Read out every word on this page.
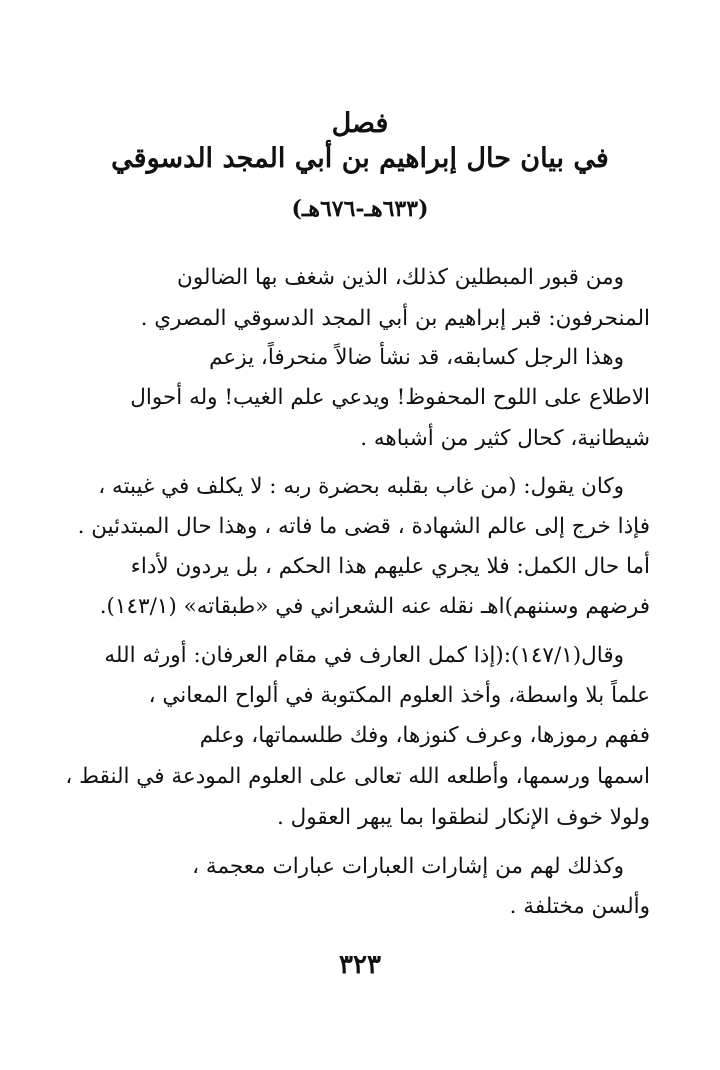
فصل
في بيان حال إبراهيم بن أبي المجد الدسوقي
(٦٣٣هـ-٦٧٦هـ)
ومن قبور المبطلين كذلك، الذين شغف بها الضالون
المنحرفون: قبر إبراهيم بن أبي المجد الدسوقي المصري .
وهذا الرجل كسابقه، قد نشأ ضالاً منحرفاً، يزعم
الاطلاع على اللوح المحفوظ! ويدعي علم الغيب! وله أحوال
شيطانية، كحال كثير من أشباهه .
وكان يقول: (من غاب بقلبه بحضرة ربه : لا يكلف في غيبته ،
فإذا خرج إلى عالم الشهادة ، قضى ما فاته ، وهذا حال المبتدئين .
أما حال الكمل: فلا يجري عليهم هذا الحكم ، بل يردون لأداء
فرضهم وسننهم)اهـ نقله عنه الشعراني في «طبقاته» (١٤٣/١).
وقال(١٤٧/١):(إذا كمل العارف في مقام العرفان: أورثه الله
علماً بلا واسطة، وأخذ العلوم المكتوبة في ألواح المعاني ،
ففهم رموزها، وعرف كنوزها، وفك طلسماتها، وعلم
اسمها ورسمها، وأطلعه الله تعالى على العلوم المودعة في النقط ،
ولولا خوف الإنكار لنطقوا بما يبهر العقول .
وكذلك لهم من إشارات العبارات عبارات معجمة ،
وألسن مختلفة .
٣٢٣
